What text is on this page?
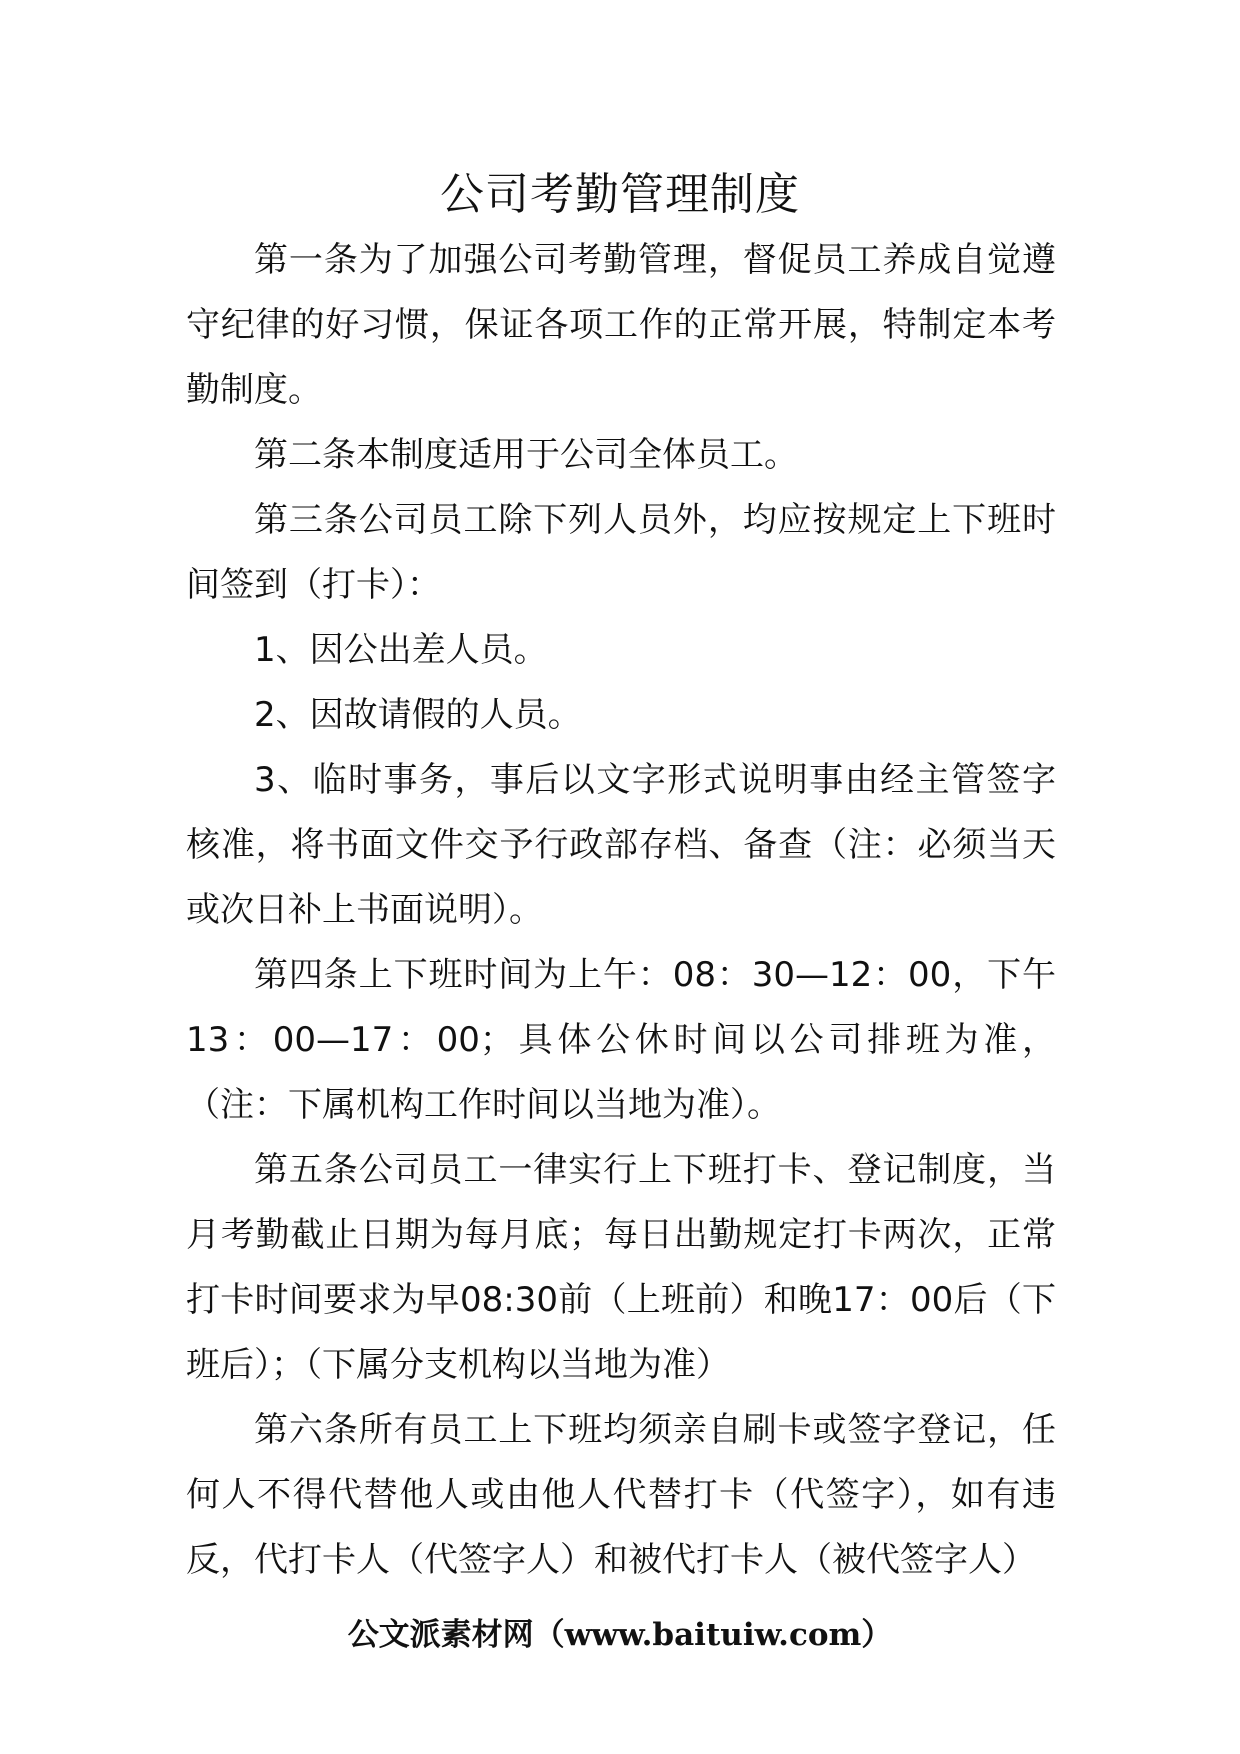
公司考勤管理制度

第一条为了加强公司考勤管理，督促员工养成自觉遵守纪律的好习惯，保证各项工作的正常开展，特制定本考勤制度。

第二条本制度适用于公司全体员工。

第三条公司员工除下列人员外，均应按规定上下班时间签到（打卡）：

1、因公出差人员。

2、因故请假的人员。

3、临时事务，事后以文字形式说明事由经主管签字核准，将书面文件交予行政部存档、备查（注：必须当天或次日补上书面说明）。

第四条上下班时间为上午：08：30—12：00，下午13：00—17：00；具体公休时间以公司排班为准，（注：下属机构工作时间以当地为准）。

第五条公司员工一律实行上下班打卡、登记制度，当月考勤截止日期为每月底；每日出勤规定打卡两次，正常打卡时间要求为早08:30前（上班前）和晚17：00后（下班后）；（下属分支机构以当地为准）

第六条所有员工上下班均须亲自刷卡或签字登记，任何人不得代替他人或由他人代替打卡（代签字），如有违反，代打卡人（代签字人）和被代打卡人（被代签字人）

公文派素材网（www.baituiw.com）
